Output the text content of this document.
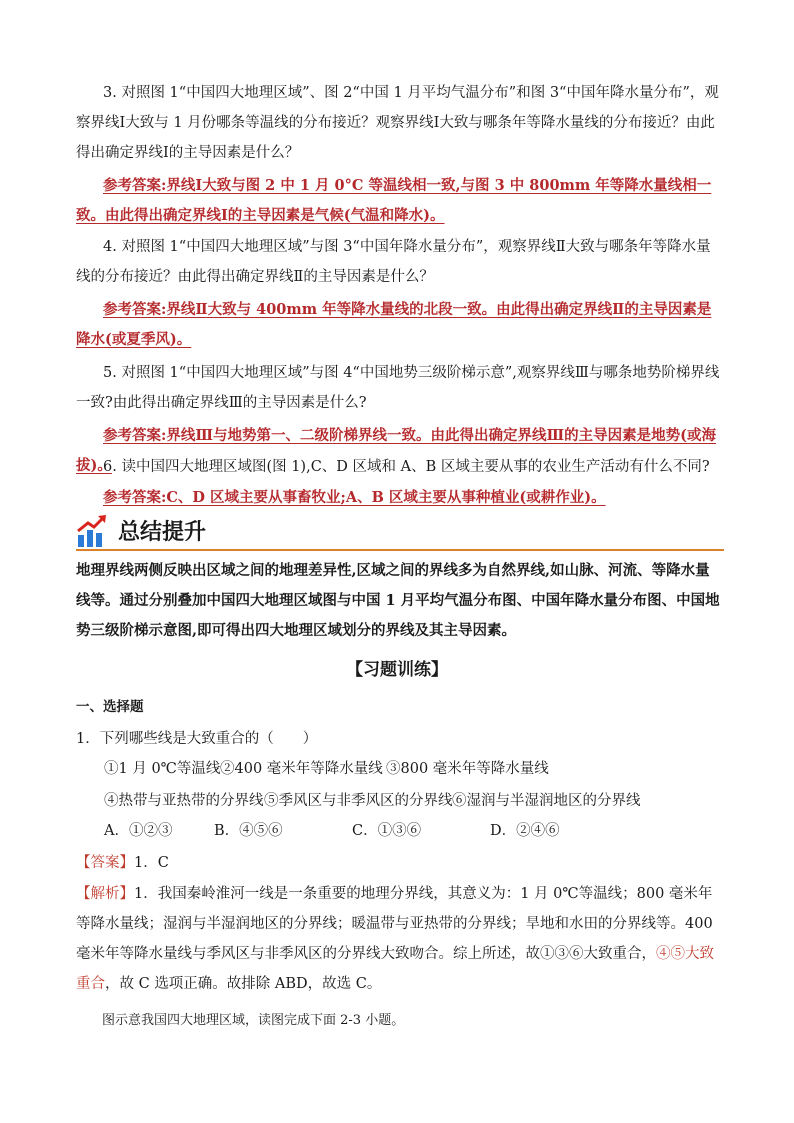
3. 对照图 1“中国四大地理区域”、图 2“中国 1 月平均气温分布”和图 3“中国年降水量分布”，观察界线Ⅰ大致与 1 月份哪条等温线的分布接近？观察界线Ⅰ大致与哪条年等降水量线的分布接近？由此得出确定界线Ⅰ的主导因素是什么？

参考答案:界线Ⅰ大致与图 2 中 1 月 0°C 等温线相一致,与图 3 中 800mm 年等降水量线相一致。由此得出确定界线Ⅰ的主导因素是气候(气温和降水)。

4. 对照图 1“中国四大地理区域”与图 3“中国年降水量分布”，观察界线Ⅱ大致与哪条年等降水量线的分布接近？由此得出确定界线Ⅱ的主导因素是什么？

参考答案:界线Ⅱ大致与 400mm 年等降水量线的北段一致。由此得出确定界线Ⅱ的主导因素是降水(或夏季风)。

5. 对照图 1“中国四大地理区域”与图 4“中国地势三级阶梯示意”,观察界线Ⅲ与哪条地势阶梯界线一致?由此得出确定界线Ⅲ的主导因素是什么?

参考答案:界线Ⅲ与地势第一、二级阶梯界线一致。由此得出确定界线Ⅲ的主导因素是地势(或海拔)。

6. 读中国四大地理区域图(图 1),C、D 区域和 A、B 区域主要从事的农业生产活动有什么不同?

参考答案:C、D 区域主要从事畜牧业;A、B 区域主要从事种植业(或耕作业)。

总结提升

地理界线两侧反映出区域之间的地理差异性,区域之间的界线多为自然界线,如山脉、河流、等降水量线等。通过分别叠加中国四大地理区域图与中国 1 月平均气温分布图、中国年降水量分布图、中国地势三级阶梯示意图,即可得出四大地理区域划分的界线及其主导因素。

【习题训练】

一、选择题

1．下列哪些线是大致重合的（　　）

①1 月 0℃等温线 ②400 毫米年等降水量线 ③800 毫米年等降水量线
④热带与亚热带的分界线 ⑤季风区与非季风区的分界线 ⑥湿润与半湿润地区的分界线
A．①②③	B．④⑤⑥	C．①③⑥	D．②④⑥

【答案】1．C

【解析】1．我国秦岭淮河一线是一条重要的地理分界线，其意义为：1 月 0℃等温线；800 毫米年等降水量线；湿润与半湿润地区的分界线；暖温带与亚热带的分界线；旱地和水田的分界线等。400 毫米年等降水量线与季风区与非季风区的分界线大致吻合。综上所述，故①③⑥大致重合，④⑤大致重合，故 C 选项正确。故排除 ABD，故选 C。

图示意我国四大地理区域，读图完成下面 2-3 小题。
